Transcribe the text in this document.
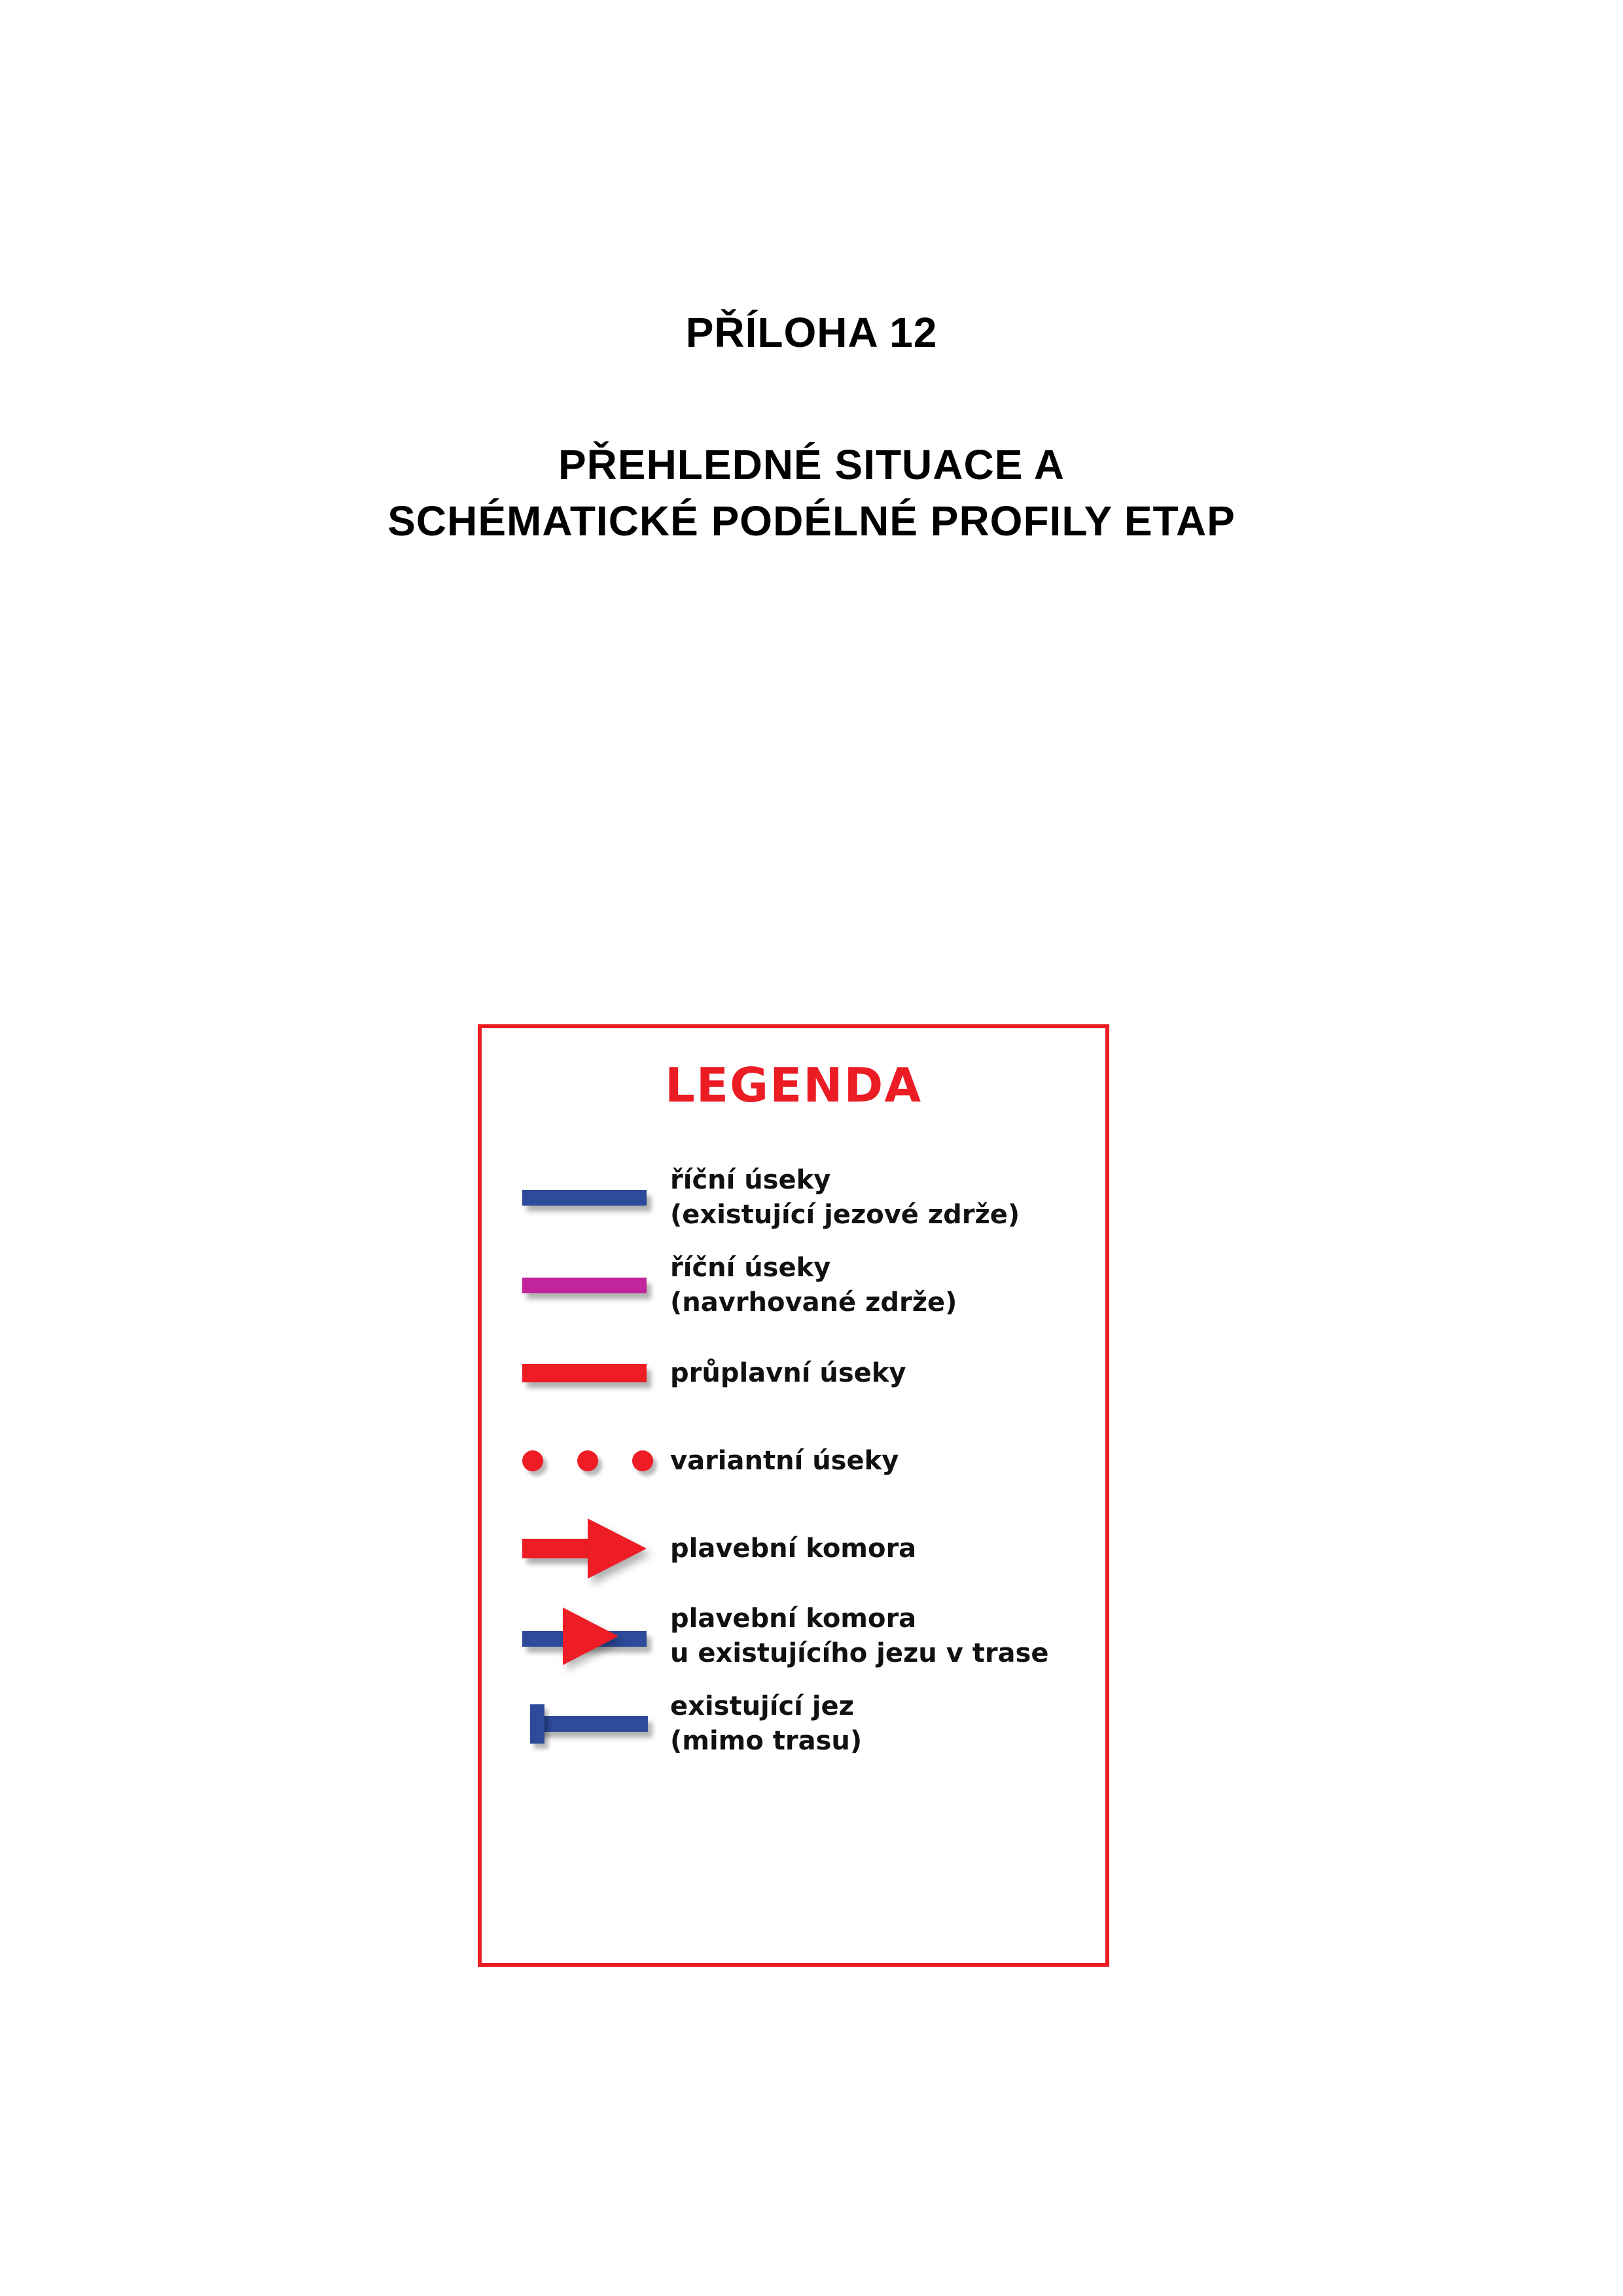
PŘÍLOHA 12
PŘEHLEDNÉ SITUACE A
SCHÉMATICKÉ PODÉLNÉ PROFILY ETAP
LEGENDA
říční úseky
(existující jezové zdrže)
říční úseky
(navrhované zdrže)
průplavní úseky
variantní úseky
plavební komora
plavební komora
u existujícího jezu v trase
existující jez
(mimo trasu)
